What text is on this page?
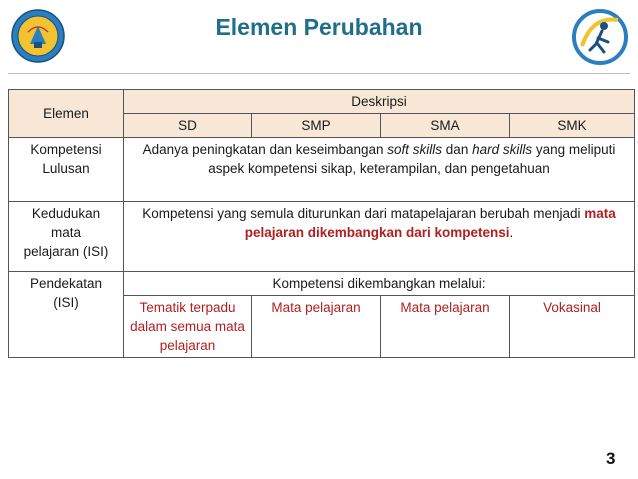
Elemen Perubahan
Elemen	Deskripsi			
	SD	SMP	SMA	SMK
Kompetensi
Lulusan	Adanya peningkatan dan keseimbangan soft skills dan hard skills yang meliputi aspek kompetensi sikap, keterampilan, dan pengetahuan			
Kedudukan
mata
pelajaran (ISI)	Kompetensi yang semula diturunkan dari matapelajaran berubah menjadi mata pelajaran dikembangkan dari kompetensi.			
Pendekatan
(ISI)	Kompetensi dikembangkan melalui:			
	Tematik terpadu dalam semua mata pelajaran	Mata pelajaran	Mata pelajaran	Vokasinal
3
